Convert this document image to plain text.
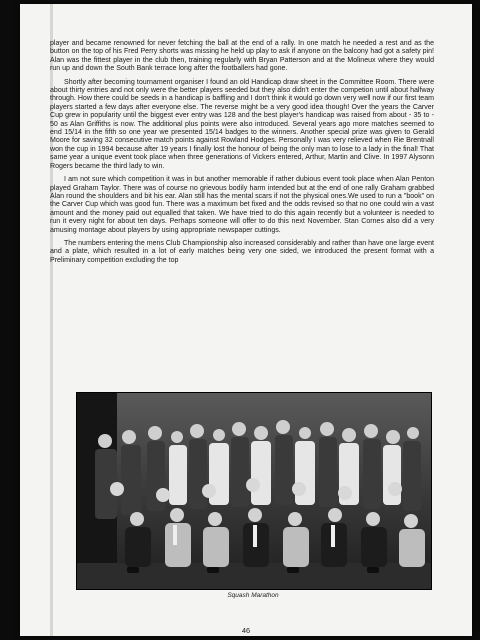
player and became renowned for never fetching the ball at the end of a rally. In one match he needed a rest and as the button on the top of his Fred Perry shorts was missing he held up play to ask if anyone on the balcony had got a safety pin! Alan was the fittest player in the club then, training regularly with Bryan Patterson and at the Molineux where they would run up and down the South Bank terrace long after the footballers had gone.

Shortly after becoming tournament organiser I found an old Handicap draw sheet in the Committee Room. There were about thirty entries and not only were the better players seeded but they also didn't enter the competion until about halfway through. How there could be seeds in a handicap is baffling and I don't think it would go down very well now if our first team players started a few days after everyone else. The reverse might be a very good idea though! Over the years the Carver Cup grew in popularity until the biggest ever entry was 128 and the best player's handicap was raised from about - 35 to - 50 as Alan Griffiths is now. The additional plus points were also introduced. Several years ago more matches seemed to end 15/14 in the fifth so one year we presented 15/14 badges to the winners. Another special prize was given to Gerald Moore for saving 32 consecutive match points against Rowland Hodges. Personally I was very relieved when Rie Brentnall won the cup in 1994 because after 19 years I finally lost the honour of being the only man to lose to a lady in the final! That same year a unique event took place when three generations of Vickers entered, Arthur, Martin and Clive. In 1997 Alysonn Rogers became the third lady to win.

I am not sure which competition it was in but another memorable if rather dubious event took place when Alan Penton played Graham Taylor. There was of course no grievous bodily harm intended but at the end of one rally Graham grabbed Alan round the shoulders and bit his ear. Alan still has the mental scars if not the physical ones.We used to run a "book" on the Carver Cup which was good fun. There was a maximum bet fixed and the odds revised so that no one could win a vast amount and the money paid out equalled that taken. We have tried to do this again recently but a volunteer is needed to run it every night for about ten days. Perhaps someone will offer to do this next November. Stan Cornes also did a very amusing montage about players by using appropriate newspaper cuttings.

The numbers entering the mens Club Championship also increased considerably and rather than have one large event and a plate, which resulted in a lot of early matches being very one sided, we introduced the present format with a Preliminary competition excluding the top

Squash Marathon
46
